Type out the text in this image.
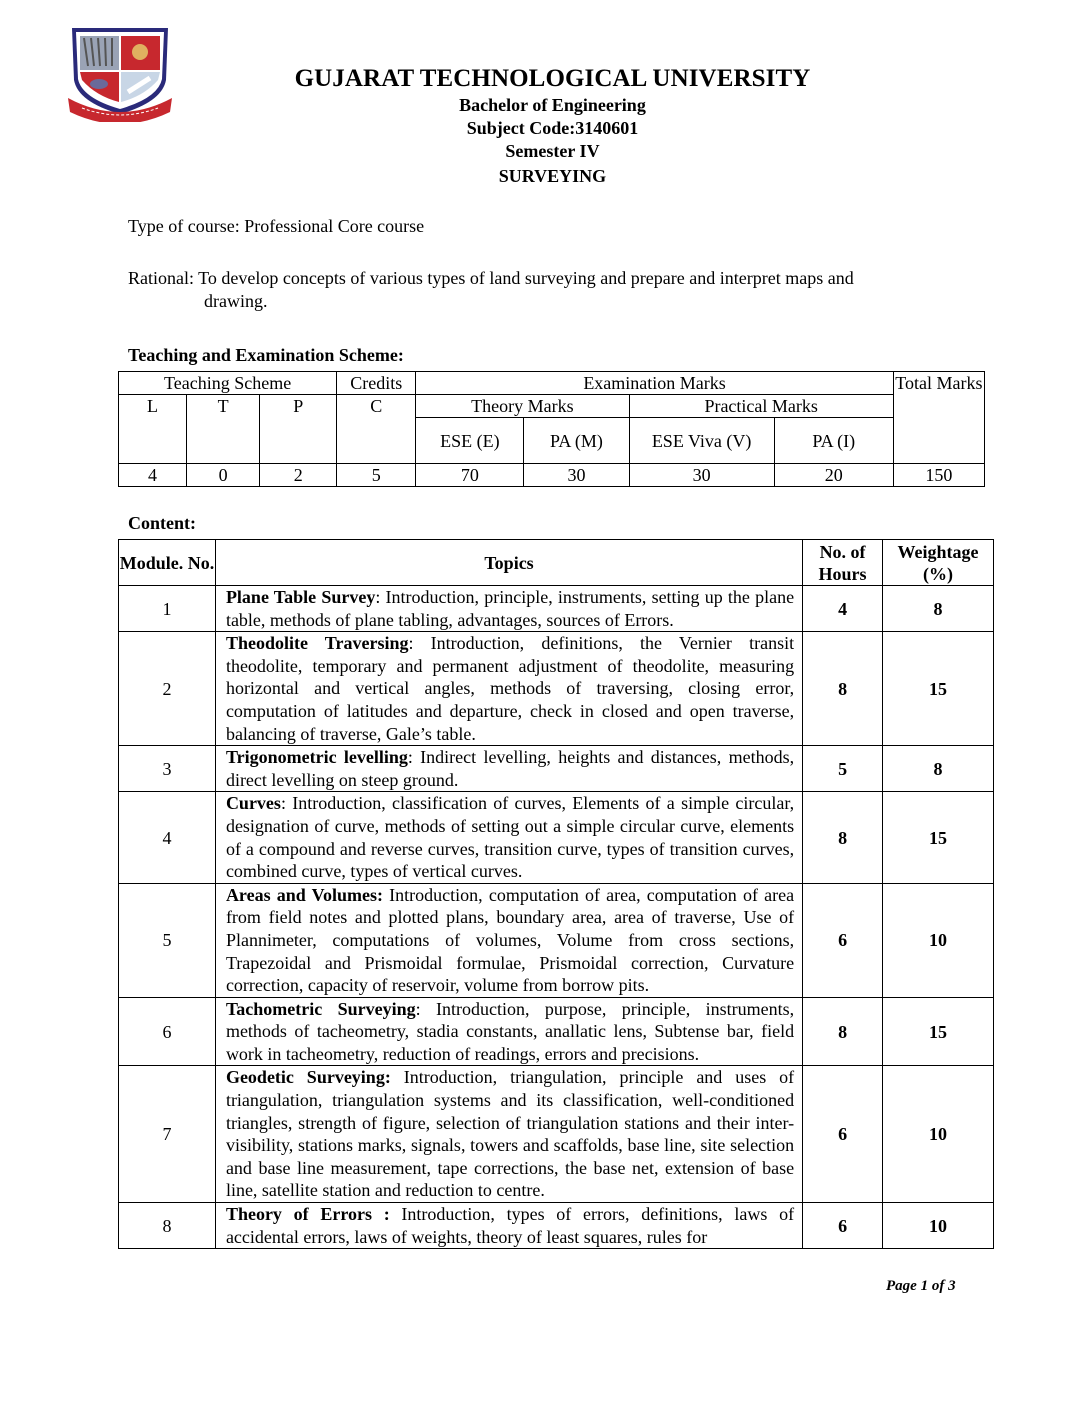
GUJARAT TECHNOLOGICAL UNIVERSITY
Bachelor of Engineering
Subject Code:3140601
Semester IV
SURVEYING
Type of course: Professional Core course
Rational: To develop concepts of various types of land surveying and prepare and interpret maps and
drawing.
Teaching and Examination Scheme:
Teaching Scheme			Credits	Examination Marks				Total Marks
L	T	P	C	Theory Marks		Practical Marks		
				ESE (E)	PA (M)	ESE Viva (V)	PA (I)	
4	0	2	5	70	30	30	20	150
Content:
Module. No.	Topics	No. of Hours	Weightage (%)
1	Plane Table Survey: Introduction, principle, instruments, setting up the plane table, methods of plane tabling, advantages, sources of Errors.	4	8
2	Theodolite Traversing: Introduction, definitions, the Vernier transit theodolite, temporary and permanent adjustment of theodolite, measuring horizontal and vertical angles, methods of traversing, closing error, computation of latitudes and departure, check in closed and open traverse, balancing of traverse, Gale’s table.	8	15
3	Trigonometric levelling: Indirect levelling, heights and distances, methods, direct levelling on steep ground.	5	8
4	Curves: Introduction, classification of curves, Elements of a simple circular, designation of curve, methods of setting out a simple circular curve, elements of a compound and reverse curves, transition curve, types of transition curves, combined curve, types of vertical curves.	8	15
5	Areas and Volumes: Introduction, computation of area, computation of area from field notes and plotted plans, boundary area, area of traverse, Use of Plannimeter, computations of volumes, Volume from cross sections, Trapezoidal and Prismoidal formulae, Prismoidal correction, Curvature correction, capacity of reservoir, volume from borrow pits.	6	10
6	Tachometric Surveying: Introduction, purpose, principle, instruments, methods of tacheometry, stadia constants, anallatic lens, Subtense bar, field work in tacheometry, reduction of readings, errors and precisions.	8	15
7	Geodetic Surveying: Introduction, triangulation, principle and uses of triangulation, triangulation systems and its classification, well-conditioned triangles, strength of figure, selection of triangulation stations and their inter-visibility, stations marks, signals, towers and scaffolds, base line, site selection and base line measurement, tape corrections, the base net, extension of base line, satellite station and reduction to centre.	6	10
8	Theory of Errors : Introduction, types of errors, definitions, laws of accidental errors, laws of weights, theory of least squares, rules for	6	10
Page 1 of 3
